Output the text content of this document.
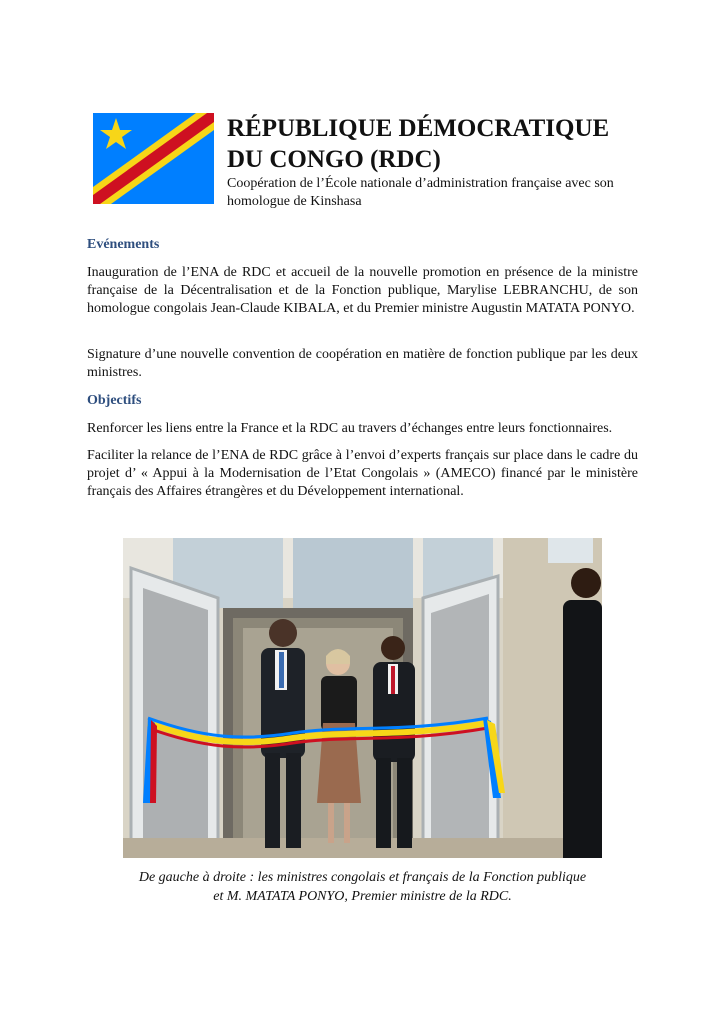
RÉPUBLIQUE DÉMOCRATIQUE
DU CONGO (RDC)

Coopération de l’École nationale d’administration française avec son homologue de Kinshasa

Evénements

Inauguration de l’ENA de RDC et accueil de la nouvelle promotion en présence de la ministre française de la Décentralisation et de la Fonction publique, Marylise LEBRANCHU, de son homologue congolais Jean-Claude KIBALA, et du Premier ministre Augustin MATATA PONYO.

Signature d’une nouvelle convention de coopération en matière de fonction publique par les deux ministres.

Objectifs

Renforcer les liens entre la France et la RDC au travers d’échanges entre leurs fonctionnaires.

Faciliter la relance de l’ENA de RDC grâce à l’envoi d’experts français sur place dans le cadre du projet d’ « Appui à la Modernisation de l’Etat Congolais » (AMECO) financé par le ministère français des Affaires étrangères et du Développement international.

De gauche à droite : les ministres congolais et français de la Fonction publique
et M. MATATA PONYO, Premier ministre de la RDC.
